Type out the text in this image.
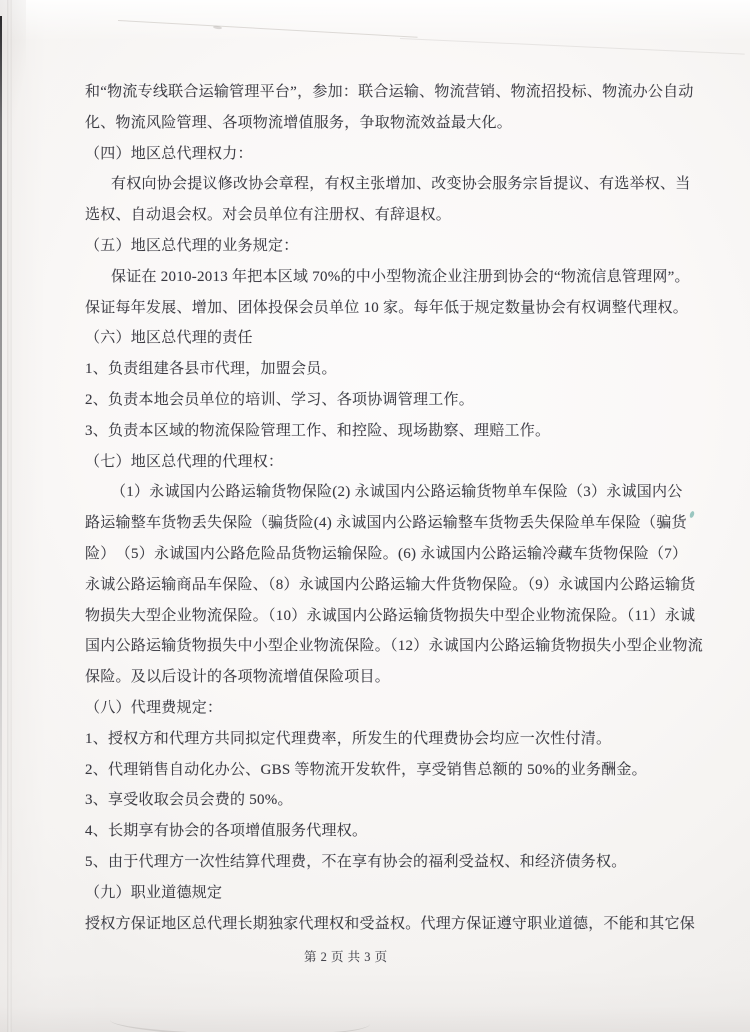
和“物流专线联合运输管理平台”，参加：联合运输、物流营销、物流招投标、物流办公自动
化、物流风险管理、各项物流增值服务，争取物流效益最大化。
（四）地区总代理权力：
有权向协会提议修改协会章程，有权主张增加、改变协会服务宗旨提议、有选举权、当
选权、自动退会权。对会员单位有注册权、有辞退权。
（五）地区总代理的业务规定：
保证在 2010-2013 年把本区域 70%的中小型物流企业注册到协会的“物流信息管理网”。
保证每年发展、增加、团体投保会员单位 10 家。每年低于规定数量协会有权调整代理权。
（六）地区总代理的责任
1、负责组建各县市代理，加盟会员。
2、负责本地会员单位的培训、学习、各项协调管理工作。
3、负责本区域的物流保险管理工作、和控险、现场勘察、理赔工作。
（七）地区总代理的代理权：
（1）永诚国内公路运输货物保险(2) 永诚国内公路运输货物单车保险（3）永诚国内公
路运输整车货物丢失保险（骗货险(4) 永诚国内公路运输整车货物丢失保险单车保险（骗货
险）　（5）永诚国内公路危险品货物运输保险。(6) 永诚国内公路运输冷藏车货物保险（7）
永诚公路运输商品车保险、（8）永诚国内公路运输大件货物保险。（9）永诚国内公路运输货
物损失大型企业物流保险。（10）永诚国内公路运输货物损失中型企业物流保险。（11）永诚
国内公路运输货物损失中小型企业物流保险。（12）永诚国内公路运输货物损失小型企业物流
保险。及以后设计的各项物流增值保险项目。
（八）代理费规定：
1、授权方和代理方共同拟定代理费率，所发生的代理费协会均应一次性付清。
2、代理销售自动化办公、GBS 等物流开发软件，享受销售总额的 50%的业务酬金。
3、享受收取会员会费的 50%。
4、长期享有协会的各项增值服务代理权。
5、由于代理方一次性结算代理费，不在享有协会的福利受益权、和经济债务权。
（九）职业道德规定
授权方保证地区总代理长期独家代理权和受益权。代理方保证遵守职业道德，不能和其它保
第 2 页 共 3 页
